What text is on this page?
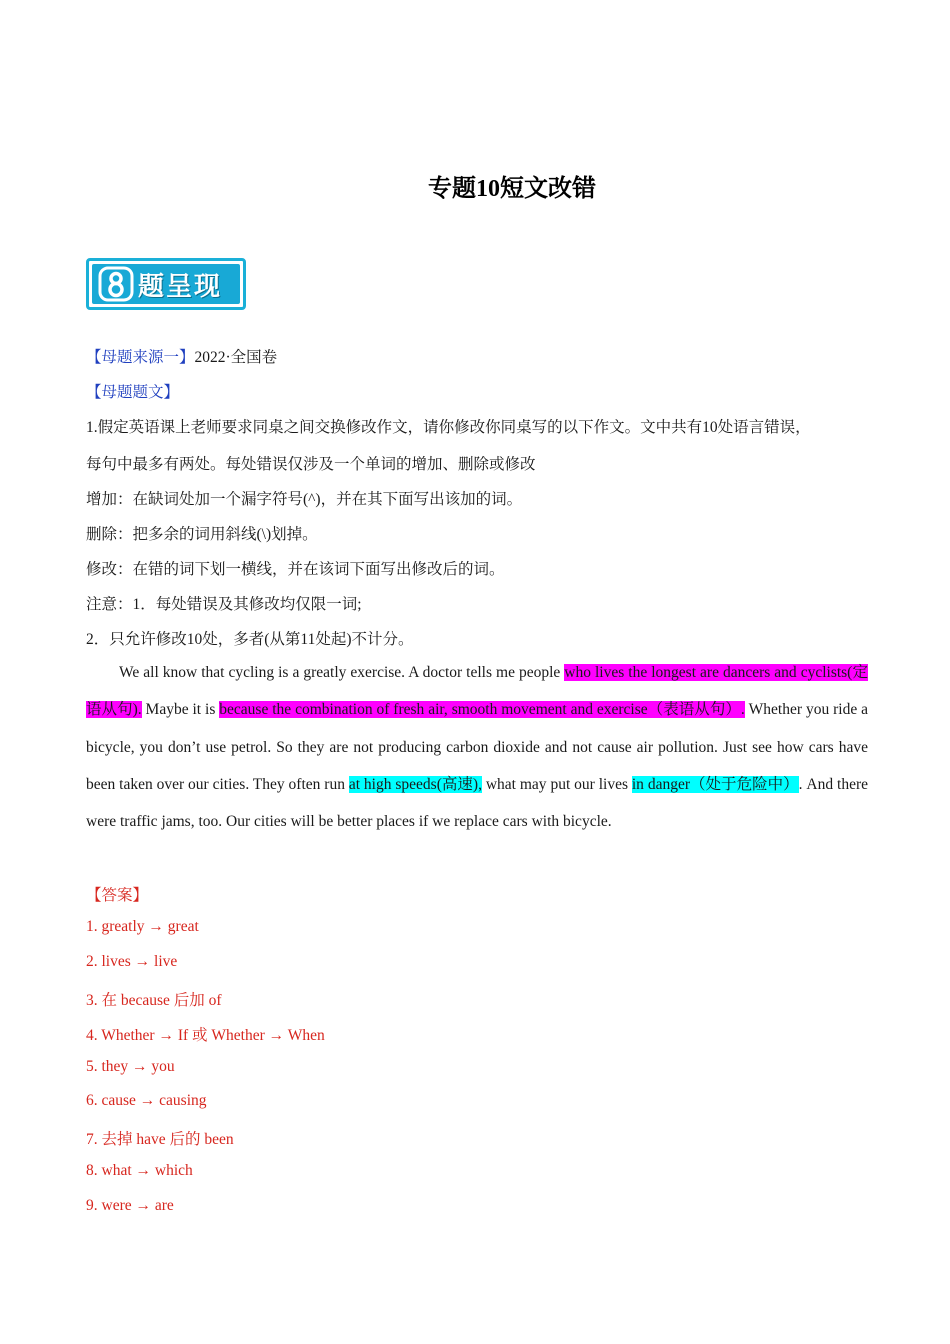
专题10短文改错
题呈现
【母题来源一】2022·全国卷
【母题题文】
1.假定英语课上老师要求同桌之间交换修改作文，请你修改你同桌写的以下作文。文中共有10处语言错误，
每句中最多有两处。每处错误仅涉及一个单词的增加、删除或修改
增加：在缺词处加一个漏字符号(^)，并在其下面写出该加的词。
删除：把多余的词用斜线(\)划掉。
修改：在错的词下划一横线，并在该词下面写出修改后的词。
注意：1．每处错误及其修改均仅限一词;
2．只允许修改10处，多者(从第11处起)不计分。
We all know that cycling is a greatly exercise. A doctor tells me people who lives the longest are dancers and cyclists(定语从句). Maybe it is because the combination of fresh air, smooth movement and exercise（表语从句）. Whether you ride a bicycle, you don’t use petrol. So they are not producing carbon dioxide and not cause air pollution. Just see how cars have been taken over our cities. They often run at high speeds(高速), what may put our lives in danger（处于危险中）. And there were traffic jams, too. Our cities will be better places if we replace cars with bicycle.
【答案】
1. greatly → great
2. lives → live
3. 在 because 后加 of
4. Whether → If 或 Whether → When
5. they → you
6. cause → causing
7. 去掉 have 后的 been
8. what → which
9. were → are
